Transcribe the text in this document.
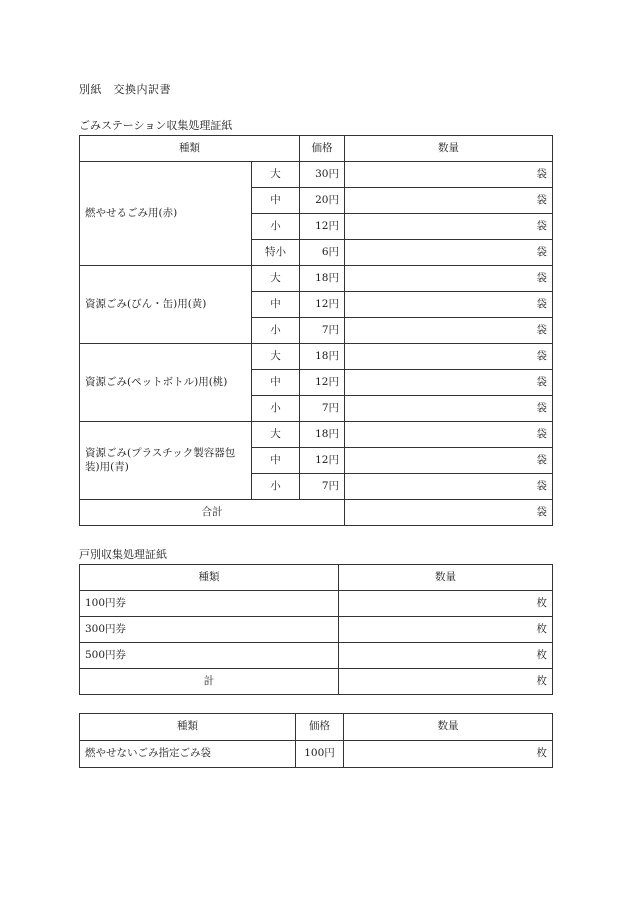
別紙　交換内訳書
ごみステーション収集処理証紙
種類		価格	数量
燃やせるごみ用(赤)	大	30円	袋
	中	20円	袋
	小	12円	袋
	特小	6円	袋
資源ごみ(びん・缶)用(黄)	大	18円	袋
	中	12円	袋
	小	7円	袋
資源ごみ(ペットボトル)用(桃)	大	18円	袋
	中	12円	袋
	小	7円	袋
資源ごみ(プラスチック製容器包装)用(青)	大	18円	袋
	中	12円	袋
	小	7円	袋
合計			袋
戸別収集処理証紙
種類	数量
100円券	枚
300円券	枚
500円券	枚
計	枚
種類	価格	数量
燃やせないごみ指定ごみ袋	100円	枚
